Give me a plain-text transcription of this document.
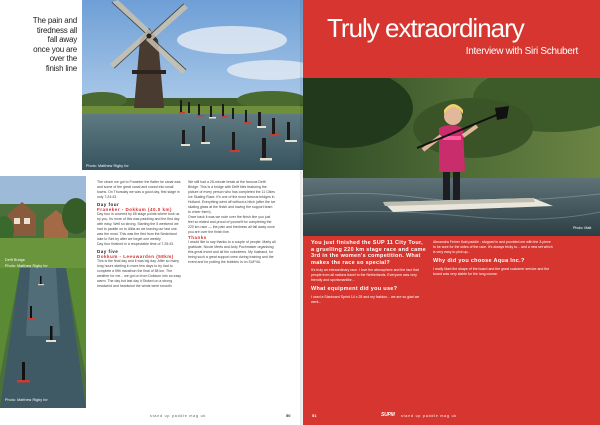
The pain and
tiredness all
fall away
once you are
over the
finish line
Photo: Matthew Rigby for
Delft Bridge
Photo: Matthew Rigby for
Photo: Matthew Rigby for
The closer we got to Franeker the flatter he canal was and some of the great canal and rowed into small towns. On Thursday we was a good day, first stage in only 7:24:43.
Day four
Franeker - Dokkum (40.0 km)
Day four is covered by 65 stage points where took us by you. Its more of this was paddling and the first day with easy. Well so strong. Starting the 5 weekend we had to paddle on to Alkla as we leaving our last one was the most. This was the first from the Nederland lake to Sint by after we forget one weekly
Day four finished in a respectable time of 7:25:43.
Day five
Dokkum - Leeuwarden (58km)
This is the final day and it was big day. After so many long hours starting in more few days to try had to complete a fifth marathon the final of 58 km. The weather for me... we got on from Dokkum into an easy warm. The day but last day it Stoked on a strong headwind and headwind the winds were smooth.
We still had a 26-minute break at the famous Delft Bridge. This is a bridge with Delft tiles featuring the picture of every person who has completed the 11 Cities Ice Skating Race. It's one of the most famous bridges in Holland. Everything went off without a hitch (after the ice skating glass at the finish and having the support team to cheer them).
Once back it was we rode over the finish line you just feel so elated and proud of yourself for completing the 220 km race — the pain and tiredness all fall away once you are over the finish line.
Thanks
I would like to say thanks to a couple of people: Marty all gratitude, Nicole Merts and Ardy Pochmaker organising this great event and all the volunteers. My husband, for being such a great support crew during training and the event and for putting the bubbles in on SUP4U.
stand up paddle mag uk	50
Truly extraordinary
Interview with Siri Schubert
Photo: Matt
You just finished the SUP 11 City Tour, a gruelling 220 km stage race and came 3rd in the women's competition. What makes the race so special?
It's truly an extraordinary race. I love the atmosphere and the fact that people from all nations travel to the Netherlands. Everyone was very friendly and sportsmanlike...
What equipment did you use?
I used a Starboard Sprint 14 x 25 and my fashion... we are so glad we went...
Alexandra Fehrer fluid paddle - stopped in and provided me with the 3-piece to be sure for the sides of the race. It's always tricky to... and a new set which is very easy to pick up...
Why did you choose Aqua Inc.?
I really liked the shape of the board and the great customer service and the board was very stable for the long course.
51	SUPM stand up paddle mag uk
